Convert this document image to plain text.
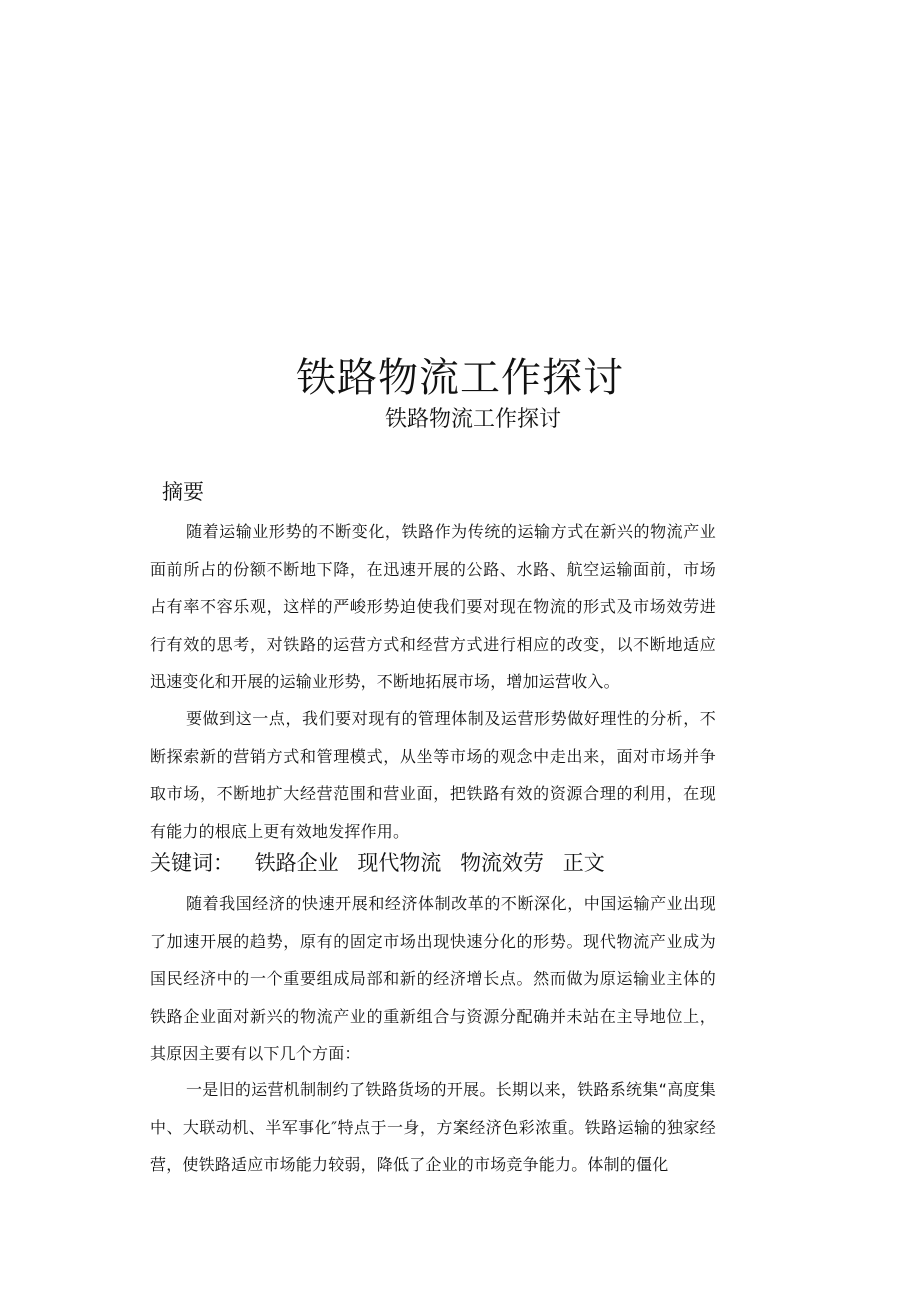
铁路物流工作探讨
铁路物流工作探讨
摘要

随着运输业形势的不断变化，铁路作为传统的运输方式在新兴的物流产业面前所占的份额不断地下降，在迅速开展的公路、水路、航空运输面前，市场占有率不容乐观，这样的严峻形势迫使我们要对现在物流的形式及市场效劳进行有效的思考，对铁路的运营方式和经营方式进行相应的改变，以不断地适应迅速变化和开展的运输业形势，不断地拓展市场，增加运营收入。

要做到这一点，我们要对现有的管理体制及运营形势做好理性的分析，不断探索新的营销方式和管理模式，从坐等市场的观念中走出来，面对市场并争取市场，不断地扩大经营范围和营业面，把铁路有效的资源合理的利用，在现有能力的根底上更有效地发挥作用。

关键词： 铁路企业 现代物流 物流效劳 正文

随着我国经济的快速开展和经济体制改革的不断深化，中国运输产业出现了加速开展的趋势，原有的固定市场出现快速分化的形势。现代物流产业成为国民经济中的一个重要组成局部和新的经济增长点。然而做为原运输业主体的铁路企业面对新兴的物流产业的重新组合与资源分配确并未站在主导地位上，其原因主要有以下几个方面：

一是旧的运营机制制约了铁路货场的开展。长期以来，铁路系统集“高度集中、大联动机、半军事化″特点于一身，方案经济色彩浓重。铁路运输的独家经营，使铁路适应市场能力较弱，降低了企业的市场竞争能力。体制的僵化
